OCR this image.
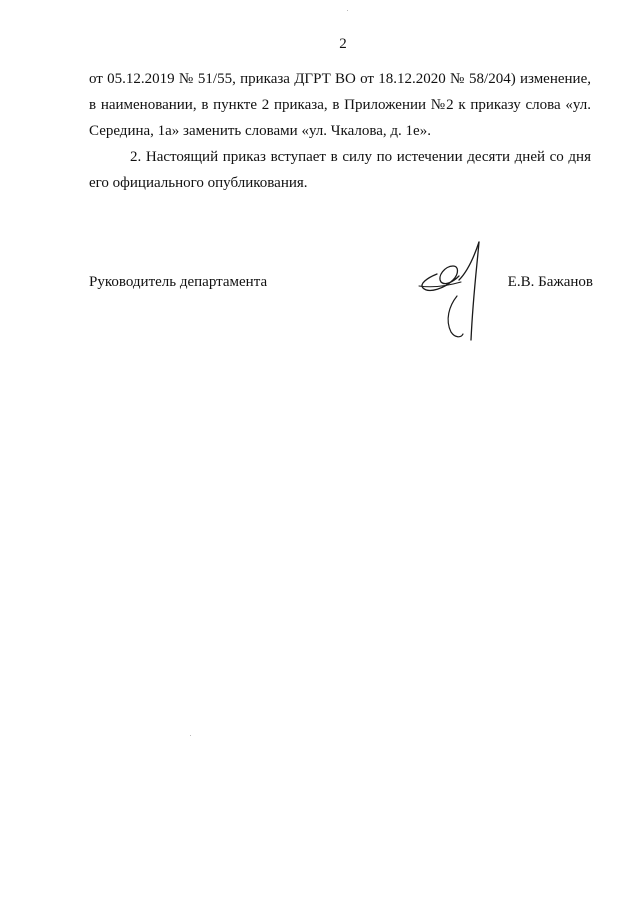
2

от 05.12.2019 № 51/55, приказа ДГРТ ВО от 18.12.2020 № 58/204) изменение,
в наименовании, в пункте 2 приказа, в Приложении №2 к приказу слова «ул.
Середина, 1а» заменить словами «ул. Чкалова, д. 1е».

2. Настоящий приказ вступает в силу по истечении десяти дней со дня
его официального опубликования.

Руководитель департамента	Е.В. Бажанов
